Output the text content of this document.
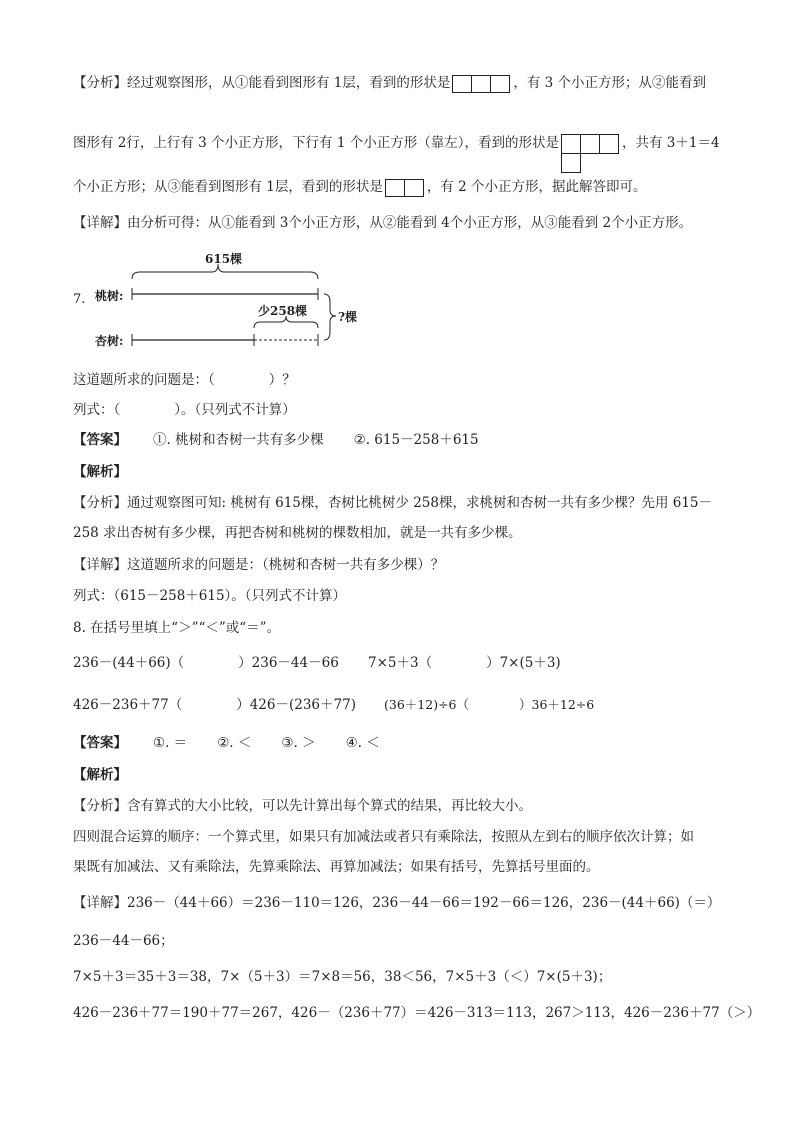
【分析】经过观察图形，从①能看到图形有 1层，看到的形状是	，有 3 个小正方形；从②能看到
图形有 2行，上行有 3 个小正方形，下行有 1 个小正方形（靠左），看到的形状是	，共有 3＋1＝4
个小正方形；从③能看到图形有 1层，看到的形状是	，有 2 个小正方形，据此解答即可。
【详解】由分析可得：从①能看到 3个小正方形，从②能看到 4个小正方形，从③能看到 2个小正方形。
7.
615棵
桃树:
杏树:
少258棵	?棵
这道题所求的问题是：（　　　　）？
列式：（　　　　）。（只列式不计算）
【答案】 ①. 桃树和杏树一共有多少棵 ②. 615－258＋615
【解析】
【分析】通过观察图可知: 桃树有 615棵，杏树比桃树少 258棵，求桃树和杏树一共有多少棵？先用 615－
258 求出杏树有多少棵，再把杏树和桃树的棵数相加，就是一共有多少棵。
【详解】这道题所求的问题是：（桃树和杏树一共有多少棵）？
列式：（615－258＋615）。（只列式不计算）
8. 在括号里填上“＞”“＜”或“＝”。
236－(44＋66)（　　　　）236－44－66 7×5＋3（　　　　）7×(5＋3)
426－236＋77（　　　　）426－(236＋77) (36＋12)÷6（　　　　）36＋12÷6
【答案】 ①. ＝ ②. ＜ ③. ＞ ④. ＜
【解析】
【分析】含有算式的大小比较，可以先计算出每个算式的结果，再比较大小。
四则混合运算的顺序：一个算式里，如果只有加减法或者只有乘除法，按照从左到右的顺序依次计算；如
果既有加减法、又有乘除法，先算乘除法、再算加减法；如果有括号，先算括号里面的。
【详解】236－（44＋66）＝236－110＝126，236－44－66＝192－66＝126，236－(44＋66)（＝）
236－44－66；
7×5＋3＝35＋3＝38，7×（5＋3）＝7×8＝56，38＜56，7×5＋3（＜）7×(5＋3)；
426－236＋77＝190＋77＝267，426－（236＋77）＝426－313＝113，267＞113，426－236＋77（＞）
